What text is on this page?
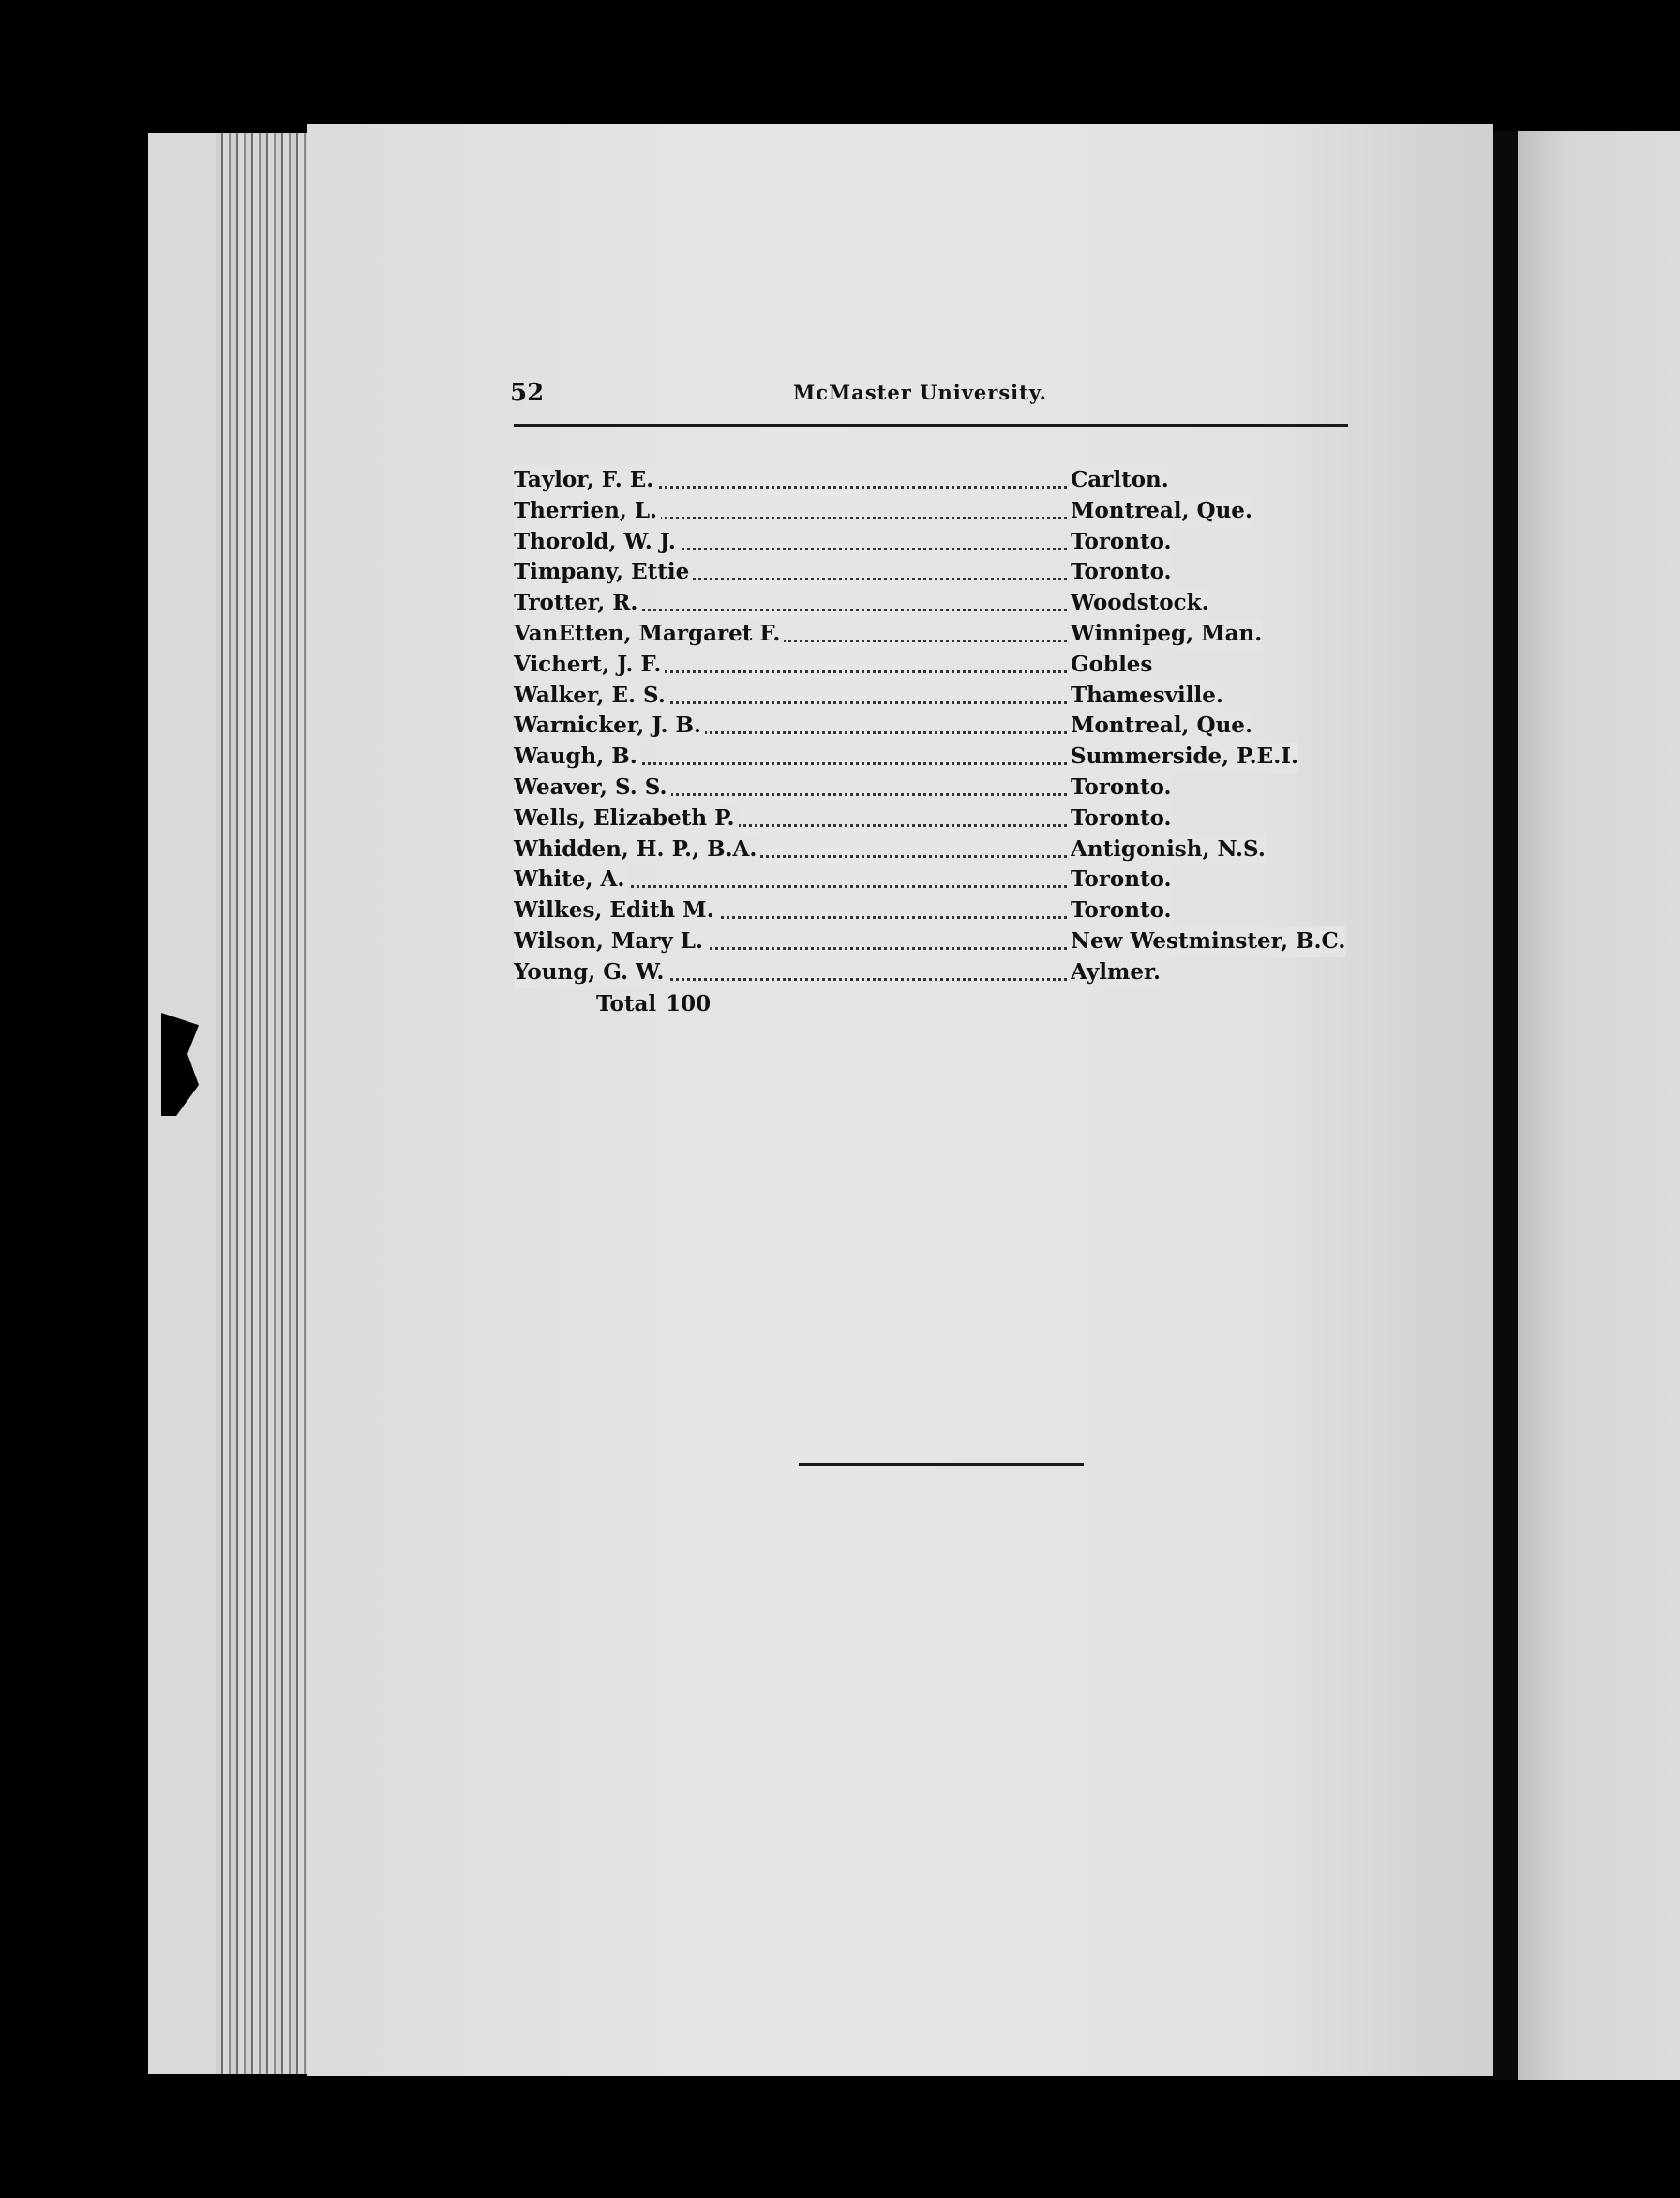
52	McMaster University.
Taylor, F. E.	Carlton.
Therrien, L.	Montreal, Que.
Thorold, W. J.	Toronto.
Timpany, Ettie	Toronto.
Trotter, R.	Woodstock.
VanEtten, Margaret F.	Winnipeg, Man.
Vichert, J. F.	Gobles
Walker, E. S.	Thamesville.
Warnicker, J. B.	Montreal, Que.
Waugh, B.	Summerside, P.E.I.
Weaver, S. S.	Toronto.
Wells, Elizabeth P.	Toronto.
Whidden, H. P., B.A.	Antigonish, N.S.
White, A.	Toronto.
Wilkes, Edith M.	Toronto.
Wilson, Mary L.	New Westminster, B.C.
Young, G. W.	Aylmer.
Total 100
